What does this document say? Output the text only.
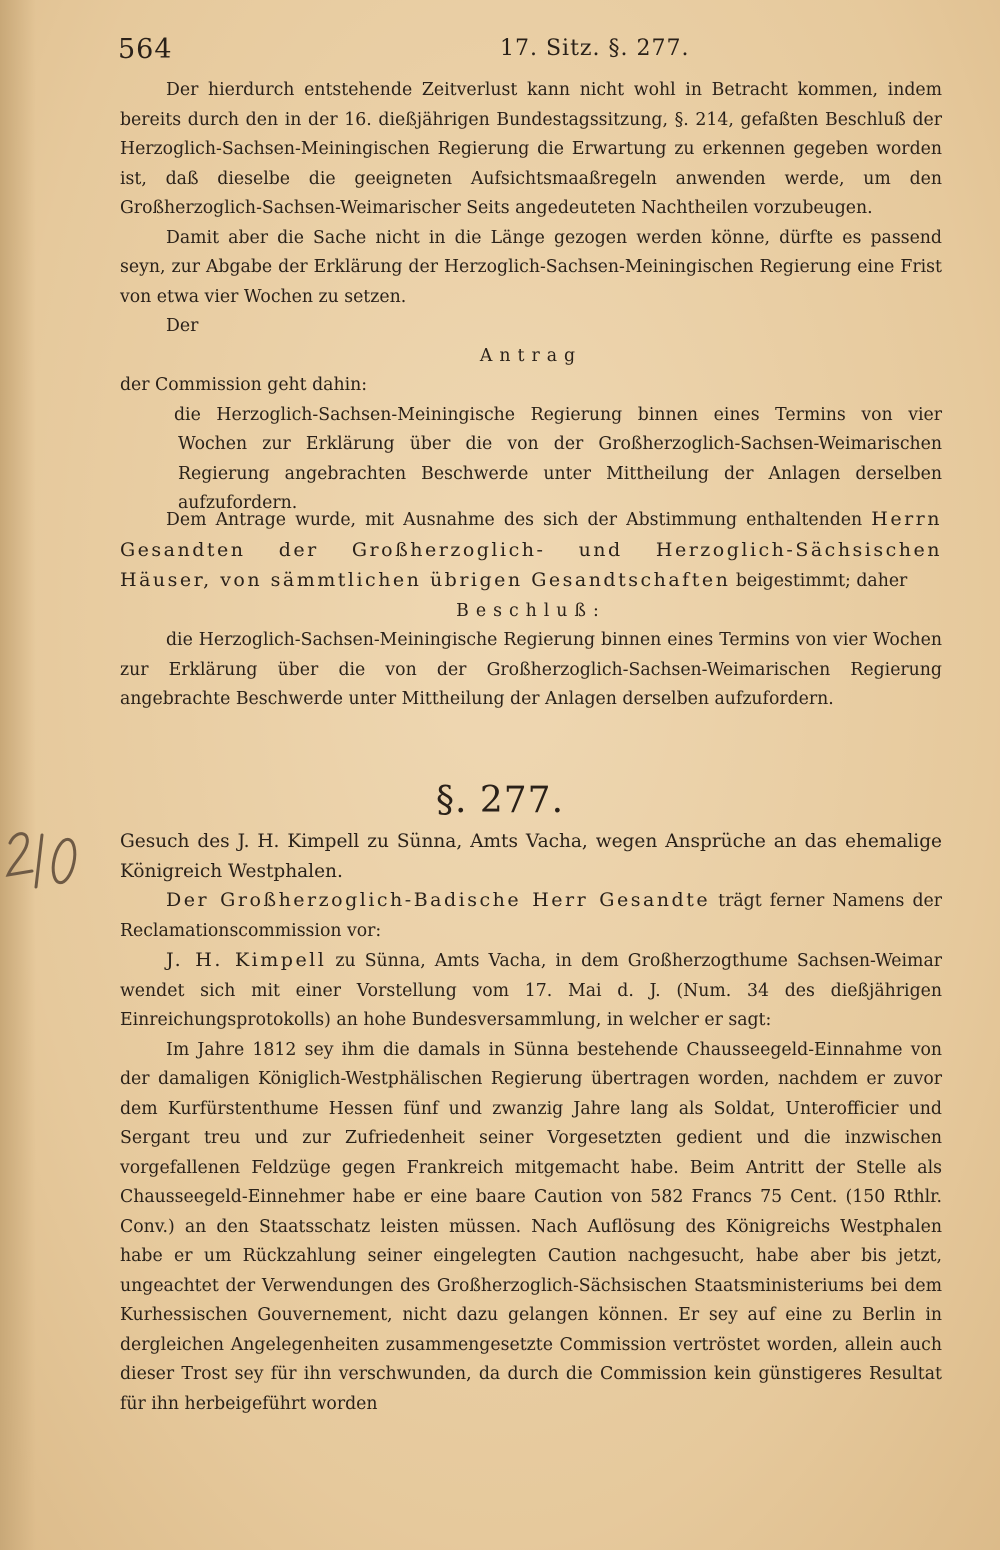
564	17. Sitz. §. 277.

Der hierdurch entstehende Zeitverlust kann nicht wohl in Betracht kommen, indem bereits durch den in der 16. dießjährigen Bundestagssitzung, §. 214, gefaßten Beschluß der Herzoglich-Sachsen-Meiningischen Regierung die Erwartung zu erkennen gegeben worden ist, daß dieselbe die geeigneten Aufsichtsmaaßregeln anwenden werde, um den Großherzoglich-Sachsen-Weimarischer Seits angedeuteten Nachtheilen vorzubeugen.

Damit aber die Sache nicht in die Länge gezogen werden könne, dürfte es passend seyn, zur Abgabe der Erklärung der Herzoglich-Sachsen-Meiningischen Regierung eine Frist von etwa vier Wochen zu setzen.

Der

Antrag

der Commission geht dahin:

die Herzoglich-Sachsen-Meiningische Regierung binnen eines Termins von vier Wochen zur Erklärung über die von der Großherzoglich-Sachsen-Weimarischen Regierung angebrachten Beschwerde unter Mittheilung der Anlagen derselben aufzufordern.

Dem Antrage wurde, mit Ausnahme des sich der Abstimmung enthaltenden Herrn Gesandten der Großherzoglich- und Herzoglich-Sächsischen Häuser, von sämmtlichen übrigen Gesandtschaften beigestimmt; daher

Beschluß:

die Herzoglich-Sachsen-Meiningische Regierung binnen eines Termins von vier Wochen zur Erklärung über die von der Großherzoglich-Sachsen-Weimarischen Regierung angebrachte Beschwerde unter Mittheilung der Anlagen derselben aufzufordern.

§. 277.

Gesuch des J. H. Kimpell zu Sünna, Amts Vacha, wegen Ansprüche an das ehemalige Königreich Westphalen.

Der Großherzoglich-Badische Herr Gesandte trägt ferner Namens der Reclamationscommission vor:

J. H. Kimpell zu Sünna, Amts Vacha, in dem Großherzogthume Sachsen-Weimar wendet sich mit einer Vorstellung vom 17. Mai d. J. (Num. 34 des dießjährigen Einreichungsprotokolls) an hohe Bundesversammlung, in welcher er sagt:

Im Jahre 1812 sey ihm die damals in Sünna bestehende Chausseegeld-Einnahme von der damaligen Königlich-Westphälischen Regierung übertragen worden, nachdem er zuvor dem Kurfürstenthume Hessen fünf und zwanzig Jahre lang als Soldat, Unterofficier und Sergant treu und zur Zufriedenheit seiner Vorgesetzten gedient und die inzwischen vorgefallenen Feldzüge gegen Frankreich mitgemacht habe. Beim Antritt der Stelle als Chausseegeld-Einnehmer habe er eine baare Caution von 582 Francs 75 Cent. (150 Rthlr. Conv.) an den Staatsschatz leisten müssen. Nach Auflösung des Königreichs Westphalen habe er um Rückzahlung seiner eingelegten Caution nachgesucht, habe aber bis jetzt, ungeachtet der Verwendungen des Großherzoglich-Sächsischen Staatsministeriums bei dem Kurhessischen Gouvernement, nicht dazu gelangen können. Er sey auf eine zu Berlin in dergleichen Angelegenheiten zusammengesetzte Commission vertröstet worden, allein auch dieser Trost sey für ihn verschwunden, da durch die Commission kein günstigeres Resultat für ihn herbeigeführt worden
